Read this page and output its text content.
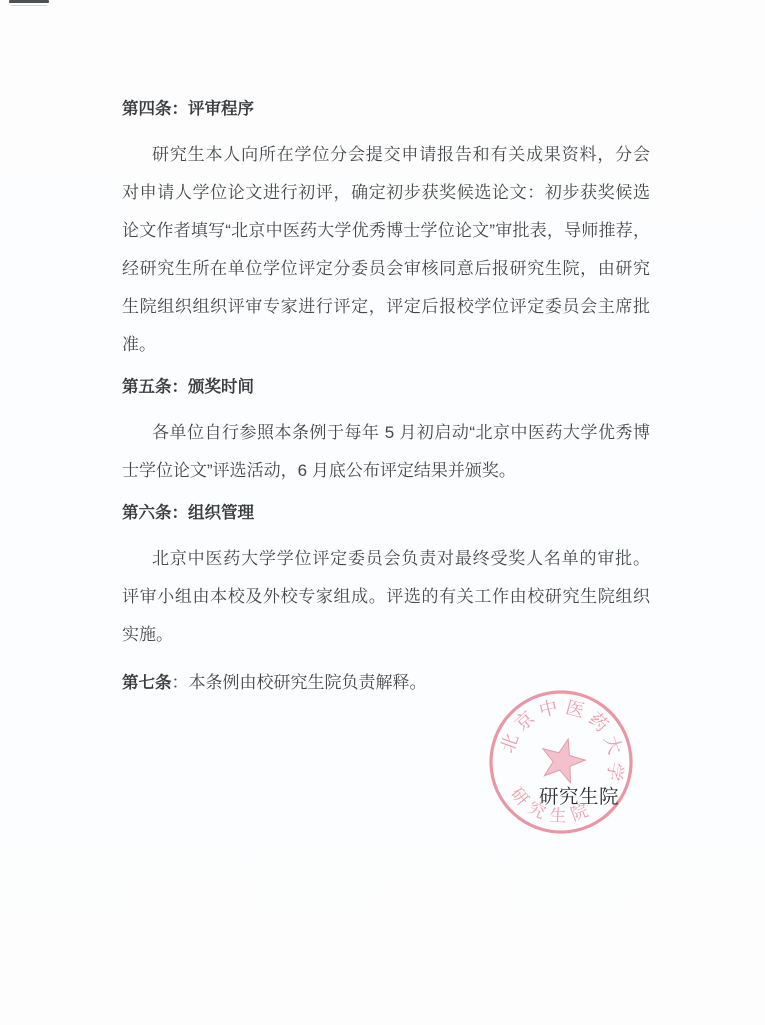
第四条：评审程序
研究生本人向所在学位分会提交申请报告和有关成果资料，分会
对申请人学位论文进行初评，确定初步获奖候选论文：初步获奖候选
论文作者填写“北京中医药大学优秀博士学位论文”审批表，导师推荐，
经研究生所在单位学位评定分委员会审核同意后报研究生院，由研究
生院组织组织评审专家进行评定，评定后报校学位评定委员会主席批
准。
第五条：颁奖时间
各单位自行参照本条例于每年 5 月初启动“北京中医药大学优秀博
士学位论文”评选活动，6 月底公布评定结果并颁奖。
第六条：组织管理
北京中医药大学学位评定委员会负责对最终受奖人名单的审批。
评审小组由本校及外校专家组成。评选的有关工作由校研究生院组织
实施。
第七条：本条例由校研究生院负责解释。
北
京
中 医
药
大
学
研
究 生 院
研究生院
